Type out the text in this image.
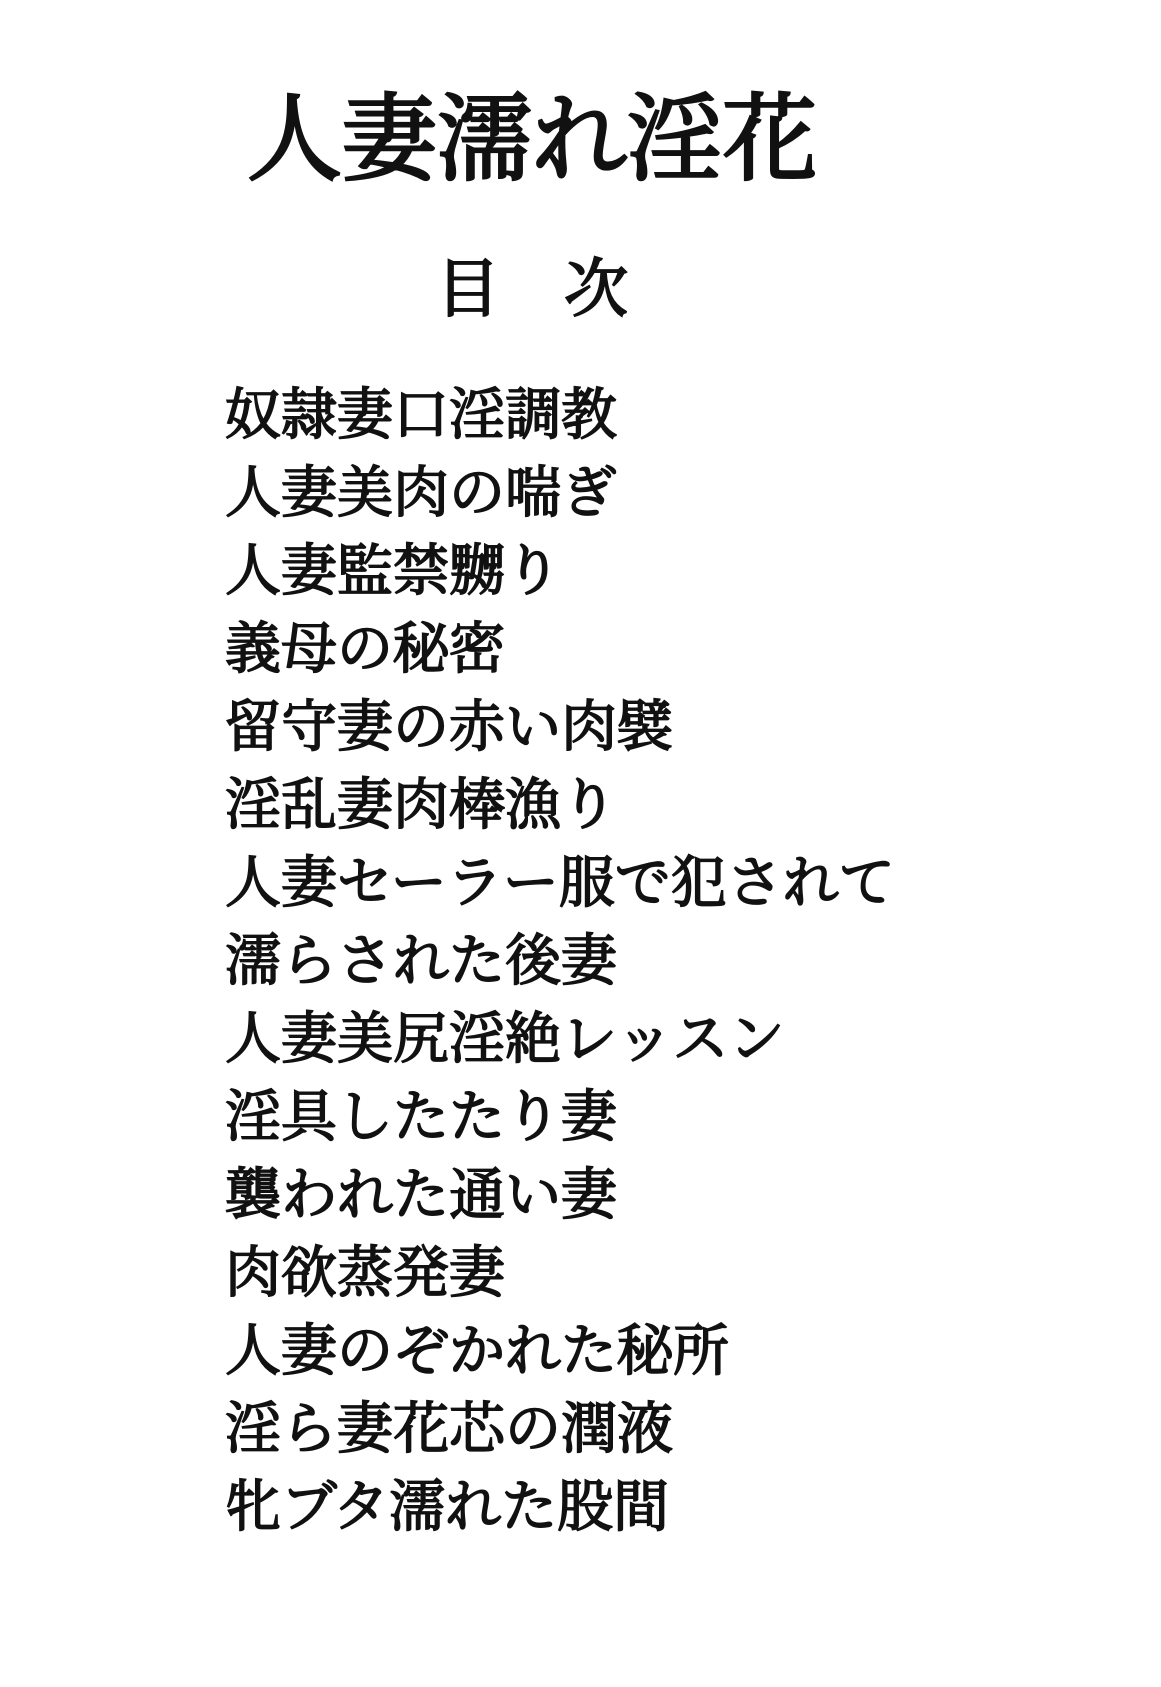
人妻濡れ淫花
目　次
奴隷妻口淫調教
人妻美肉の喘ぎ
人妻監禁嬲り
義母の秘密
留守妻の赤い肉襞
淫乱妻肉棒漁り
人妻セーラー服で犯されて
濡らされた後妻
人妻美尻淫絶レッスン
淫具したたり妻
襲われた通い妻
肉欲蒸発妻
人妻のぞかれた秘所
淫ら妻花芯の潤液
牝ブタ濡れた股間
